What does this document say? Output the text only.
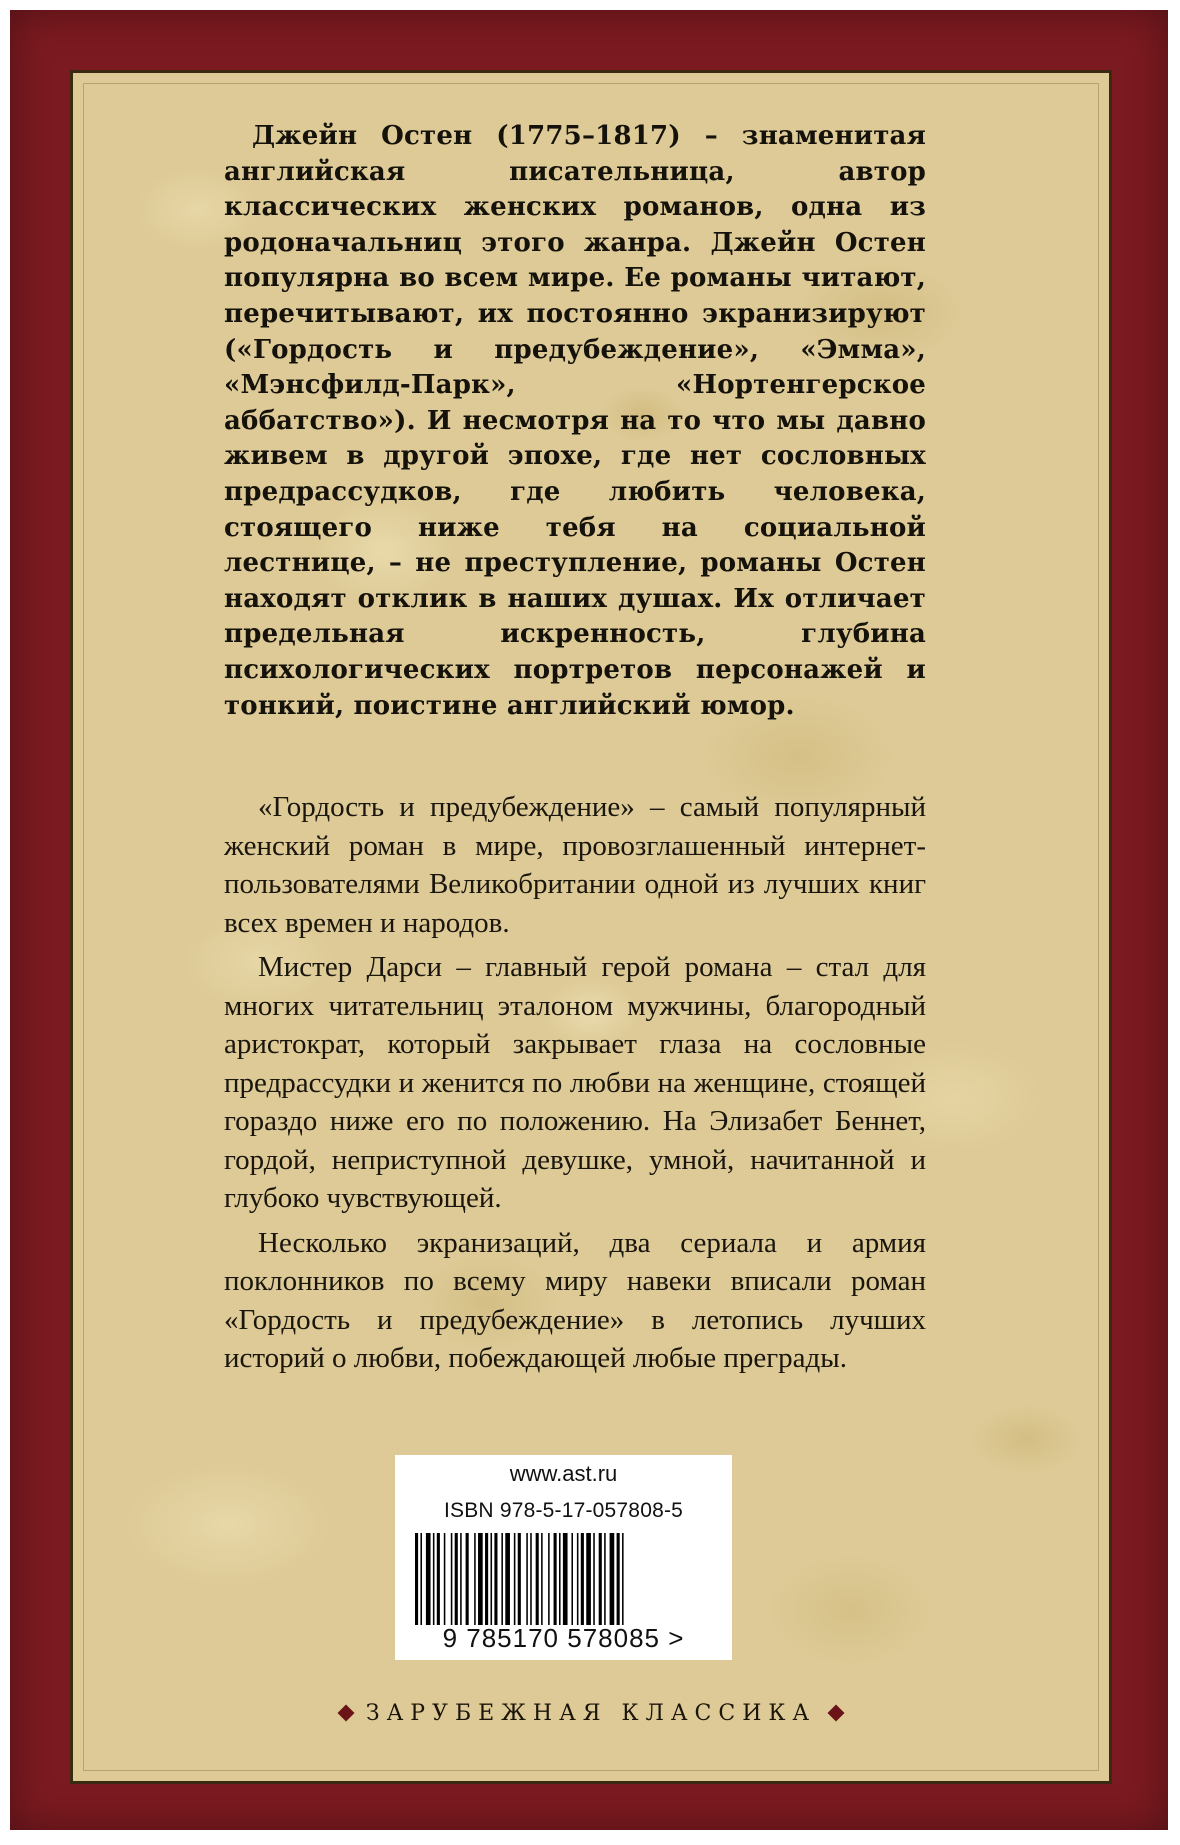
Джейн Остен (1775–1817) – знаменитая английская писательница, автор классических женских романов, одна из родоначальниц этого жанра. Джейн Остен популярна во всем мире. Ее романы читают, перечитывают, их постоянно экранизируют («Гордость и предубеждение», «Эмма», «Мэнсфилд-Парк», «Нортенгерское аббатство»). И несмотря на то что мы давно живем в другой эпохе, где нет сословных предрассудков, где любить человека, стоящего ниже тебя на социальной лестнице, – не преступление, романы Остен находят отклик в наших душах. Их отличает предельная искренность, глубина психологических портретов персонажей и тонкий, поистине английский юмор.

«Гордость и предубеждение» – самый популярный женский роман в мире, провозглашенный интернет-пользователями Великобритании одной из лучших книг всех времен и народов.

Мистер Дарси – главный герой романа – стал для многих читательниц эталоном мужчины, благородный аристократ, который закрывает глаза на сословные предрассудки и женится по любви на женщине, стоящей гораздо ниже его по положению. На Элизабет Беннет, гордой, неприступной девушке, умной, начитанной и глубоко чувствующей.

Несколько экранизаций, два сериала и армия поклонников по всему миру навеки вписали роман «Гордость и предубеждение» в летопись лучших историй о любви, побеждающей любые преграды.

www.ast.ru
ISBN 978-5-17-057808-5
9 785170 578085 >
ЗАРУБЕЖНАЯ КЛАССИКА
